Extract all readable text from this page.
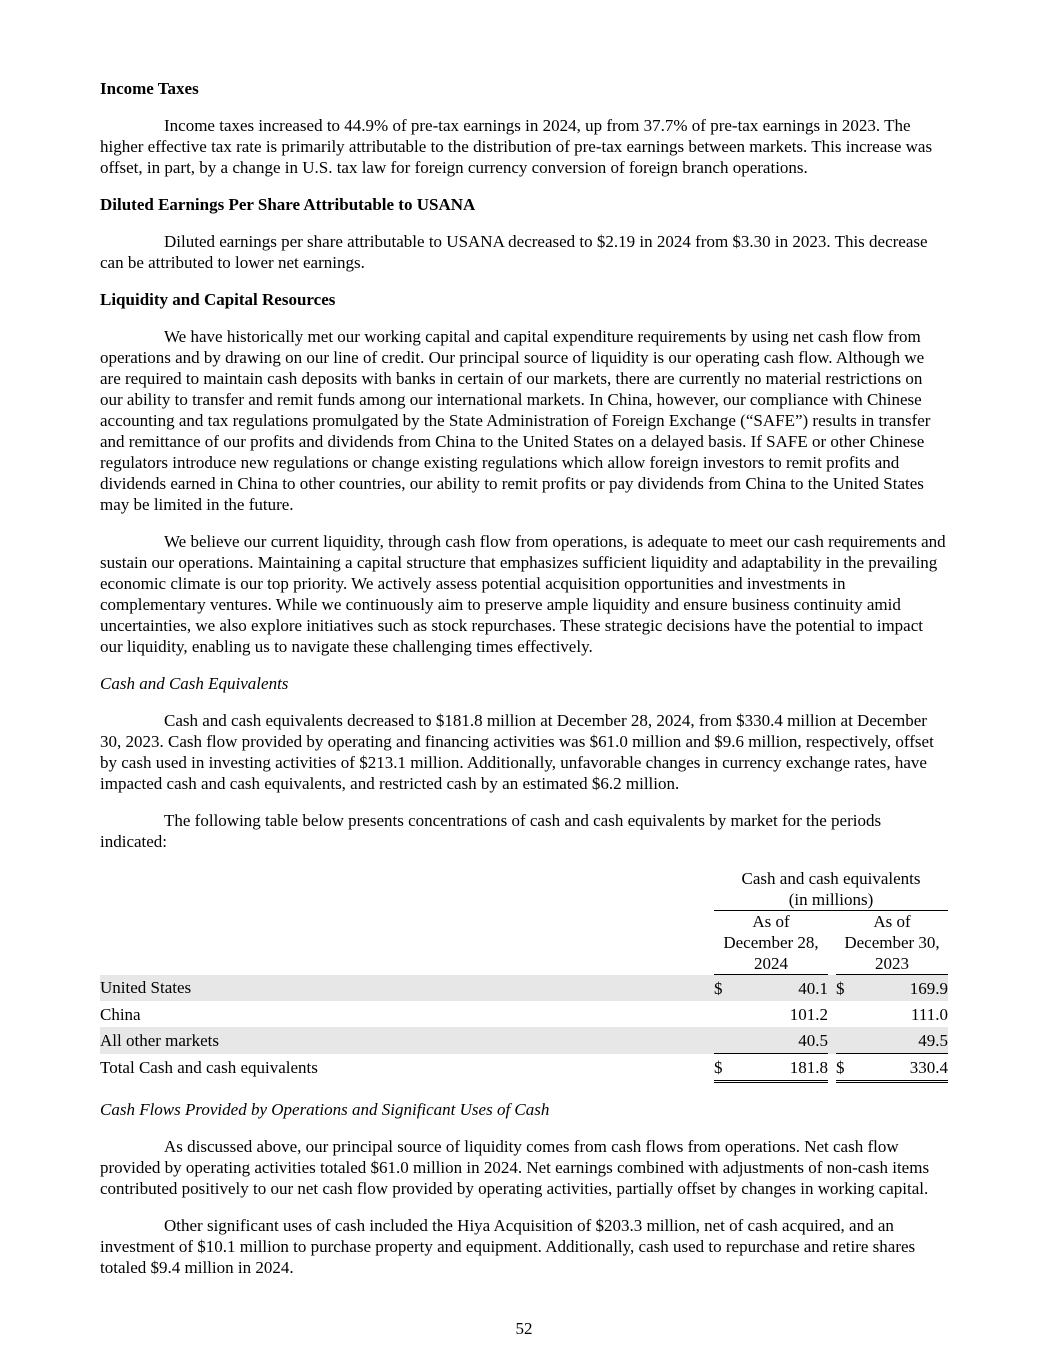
Income Taxes

Income taxes increased to 44.9% of pre-tax earnings in 2024, up from 37.7% of pre-tax earnings in 2023. The higher effective tax rate is primarily attributable to the distribution of pre-tax earnings between markets. This increase was offset, in part, by a change in U.S. tax law for foreign currency conversion of foreign branch operations.

Diluted Earnings Per Share Attributable to USANA

Diluted earnings per share attributable to USANA decreased to $2.19 in 2024 from $3.30 in 2023. This decrease can be attributed to lower net earnings.

Liquidity and Capital Resources

We have historically met our working capital and capital expenditure requirements by using net cash flow from operations and by drawing on our line of credit. Our principal source of liquidity is our operating cash flow. Although we are required to maintain cash deposits with banks in certain of our markets, there are currently no material restrictions on our ability to transfer and remit funds among our international markets. In China, however, our compliance with Chinese accounting and tax regulations promulgated by the State Administration of Foreign Exchange (“SAFE”) results in transfer and remittance of our profits and dividends from China to the United States on a delayed basis. If SAFE or other Chinese regulators introduce new regulations or change existing regulations which allow foreign investors to remit profits and dividends earned in China to other countries, our ability to remit profits or pay dividends from China to the United States may be limited in the future.

We believe our current liquidity, through cash flow from operations, is adequate to meet our cash requirements and sustain our operations. Maintaining a capital structure that emphasizes sufficient liquidity and adaptability in the prevailing economic climate is our top priority. We actively assess potential acquisition opportunities and investments in complementary ventures. While we continuously aim to preserve ample liquidity and ensure business continuity amid uncertainties, we also explore initiatives such as stock repurchases. These strategic decisions have the potential to impact our liquidity, enabling us to navigate these challenging times effectively.

Cash and Cash Equivalents

Cash and cash equivalents decreased to $181.8 million at December 28, 2024, from $330.4 million at December 30, 2023. Cash flow provided by operating and financing activities was $61.0 million and $9.6 million, respectively, offset by cash used in investing activities of $213.1 million. Additionally, unfavorable changes in currency exchange rates, have impacted cash and cash equivalents, and restricted cash by an estimated $6.2 million.

The following table below presents concentrations of cash and cash equivalents by market for the periods indicated:

	Cash and cash equivalents
(in millions)				

	As of
December 28,
2024			As of
December 30,
2023	

United States	$	40.1		$	169.9
China		101.2			111.0
All other markets		40.5			49.5
Total Cash and cash equivalents	$	181.8		$	330.4
Cash Flows Provided by Operations and Significant Uses of Cash

As discussed above, our principal source of liquidity comes from cash flows from operations. Net cash flow provided by operating activities totaled $61.0 million in 2024. Net earnings combined with adjustments of non-cash items contributed positively to our net cash flow provided by operating activities, partially offset by changes in working capital.

Other significant uses of cash included the Hiya Acquisition of $203.3 million, net of cash acquired, and an investment of $10.1 million to purchase property and equipment. Additionally, cash used to repurchase and retire shares totaled $9.4 million in 2024.

52
